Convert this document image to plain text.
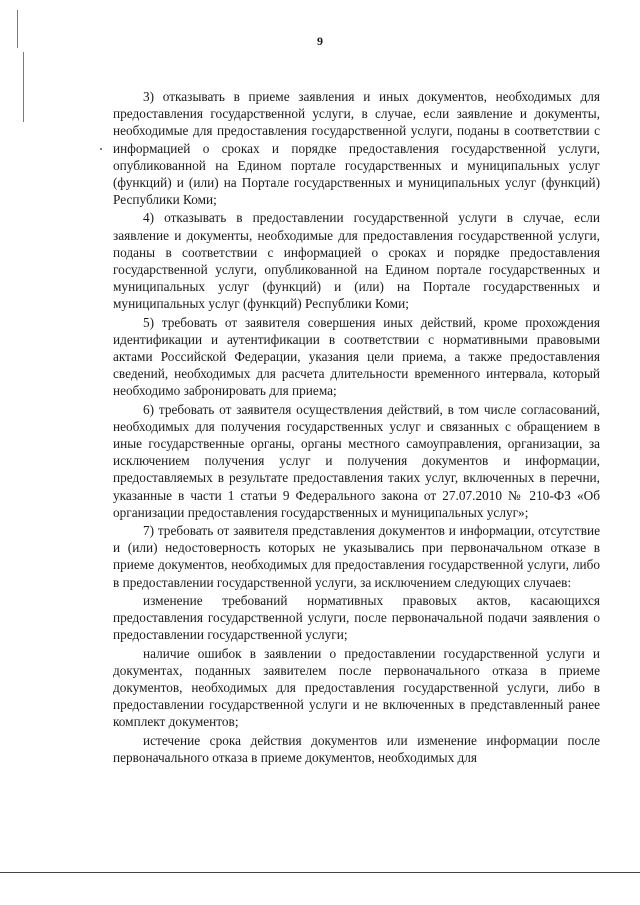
9

3) отказывать в приеме заявления и иных документов, необходимых для предоставления государственной услуги, в случае, если заявление и документы, необходимые для предоставления государственной услуги, поданы в соответствии с информацией о сроках и порядке предоставления государственной услуги, опубликованной на Едином портале государственных и муниципальных услуг (функций) и (или) на Портале государственных и муниципальных услуг (функций) Республики Коми;

4) отказывать в предоставлении государственной услуги в случае, если заявление и документы, необходимые для предоставления государственной услуги, поданы в соответствии с информацией о сроках и порядке предоставления государственной услуги, опубликованной на Едином портале государственных и муниципальных услуг (функций) и (или) на Портале государственных и муниципальных услуг (функций) Республики Коми;

5) требовать от заявителя совершения иных действий, кроме прохождения идентификации и аутентификации в соответствии с нормативными правовыми актами Российской Федерации, указания цели приема, а также предоставления сведений, необходимых для расчета длительности временного интервала, который необходимо забронировать для приема;

6) требовать от заявителя осуществления действий, в том числе согласований, необходимых для получения государственных услуг и связанных с обращением в иные государственные органы, органы местного самоуправления, организации, за исключением получения услуг и получения документов и информации, предоставляемых в результате предоставления таких услуг, включенных в перечни, указанные в части 1 статьи 9 Федерального закона от 27.07.2010 № 210-ФЗ «Об организации предоставления государственных и муниципальных услуг»;

7) требовать от заявителя представления документов и информации, отсутствие и (или) недостоверность которых не указывались при первоначальном отказе в приеме документов, необходимых для предоставления государственной услуги, либо в предоставлении государственной услуги, за исключением следующих случаев:

изменение требований нормативных правовых актов, касающихся предоставления государственной услуги, после первоначальной подачи заявления о предоставлении государственной услуги;

наличие ошибок в заявлении о предоставлении государственной услуги и документах, поданных заявителем после первоначального отказа в приеме документов, необходимых для предоставления государственной услуги, либо в предоставлении государственной услуги и не включенных в представленный ранее комплект документов;

истечение срока действия документов или изменение информации после первоначального отказа в приеме документов, необходимых для
